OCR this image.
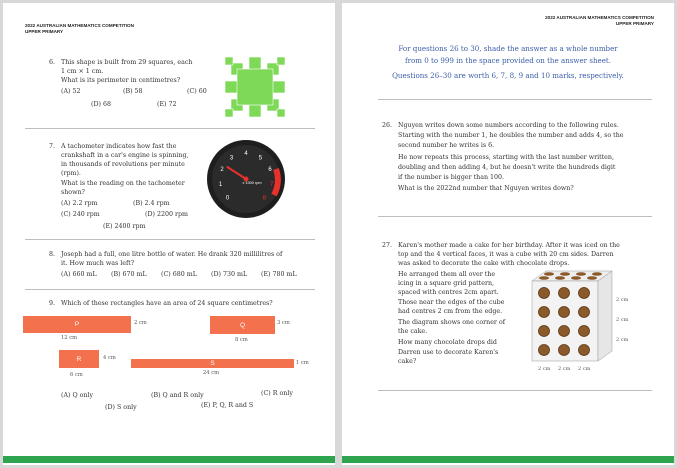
2022 AUSTRALIAN MATHEMATICS COMPETITION
UPPER PRIMARY
6. This shape is built from 29 squares, each
1 cm × 1 cm.
What is its perimeter in centimetres?
(A) 52	(B) 58	(C) 60
(D) 68	(E) 72
7. A tachometer indicates how fast the
crankshaft in a car's engine is spinning,
in thousands of revolutions per minute
(rpm).
What is the reading on the tachometer
shown?
(A) 2.2 rpm	(B) 2.4 rpm
(C) 240 rpm	(D) 2200 rpm
(E) 2400 rpm
0
1
2
3
4
5
6
7
8
x 1000 rpm
8. Joseph had a full, one litre bottle of water. He drank 320 millilitres of
it. How much was left?
(A) 660 mL (B) 670 mL (C) 680 mL (D) 730 mL (E) 780 mL
9. Which of these rectangles have an area of 24 square centimetres?
P	2 cm
12 cm
Q	3 cm
8 cm
R	4 cm
6 cm
S	1 cm
24 cm
(A) Q only	(B) Q and R only	(C) R only
(D) S only	(E) P, Q, R and S
2022 AUSTRALIAN MATHEMATICS COMPETITION
UPPER PRIMARY
For questions 26 to 30, shade the answer as a whole number
from 0 to 999 in the space provided on the answer sheet.
Questions 26–30 are worth 6, 7, 8, 9 and 10 marks, respectively.
26. Nguyen writes down some numbers according to the following rules.
Starting with the number 1, he doubles the number and adds 4, so the
second number he writes is 6.
He now repeats this process, starting with the last number written,
doubling and then adding 4, but he doesn't write the hundreds digit
if the number is bigger than 100.
What is the 2022nd number that Nguyen writes down?
27. Karen's mother made a cake for her birthday. After it was iced on the
top and the 4 vertical faces, it was a cube with 20 cm sides. Darren
was asked to decorate the cake with chocolate drops.
He arranged them all over the
icing in a square grid pattern,
spaced with centres 2cm apart.
Those near the edges of the cube
had centres 2 cm from the edge.
The diagram shows one corner of
the cake.
How many chocolate drops did
Darren use to decorate Karen's
cake?
2 cm
2 cm
2 cm
2 cm 2 cm 2 cm
